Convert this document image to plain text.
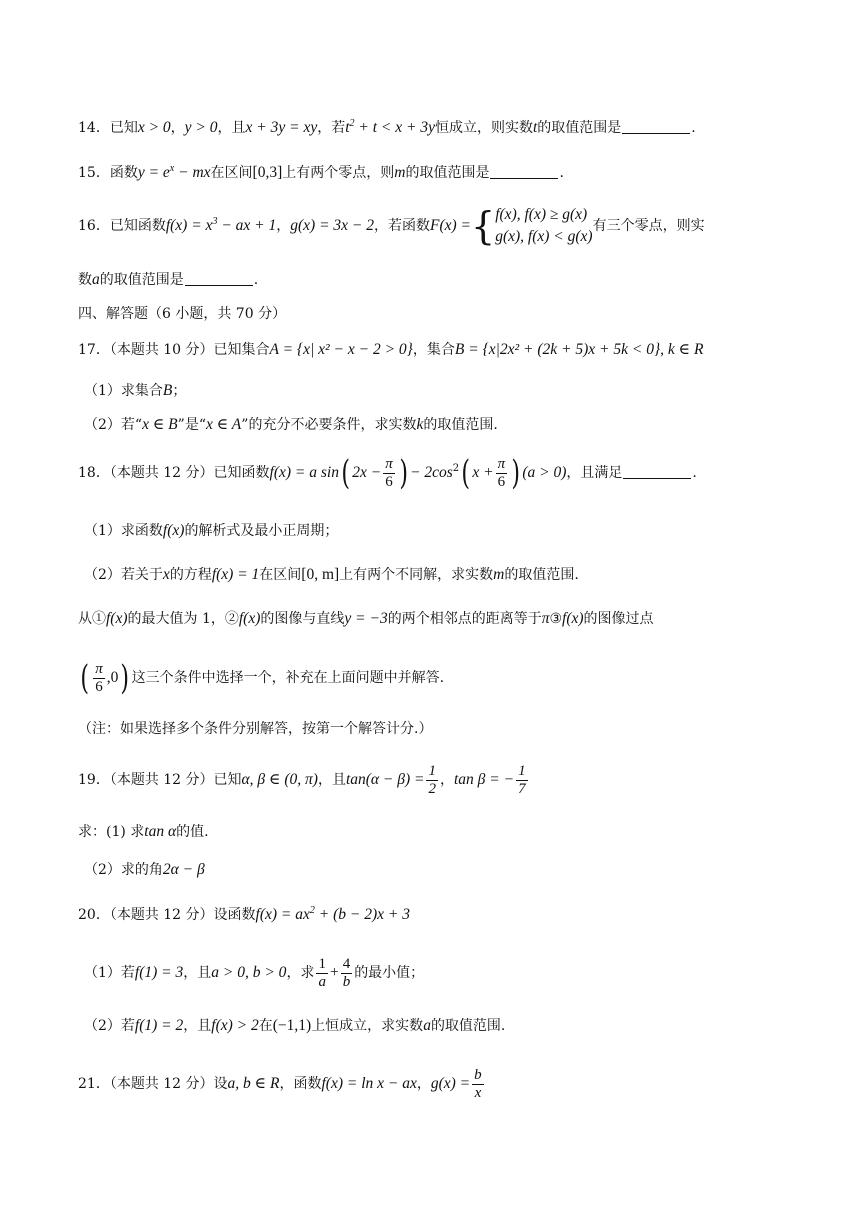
14．已知x > 0，y > 0，且x + 3y = xy，若$t^2 + t < x + 3y$恒成立，则实数t的取值范围是	.
15．函数$y = e^x$ − mx在区间[0,3]上有两个零点，则m的取值范围是	.
16．已知函数$f(x) = x^3$ − ax + 1，g(x) = 3x − 2，若函数F(x) ={ f(x), f(x) ≥ g(x)
g(x), f(x) < g(x)
有三个零点，则实
数a的取值范围是	.
四、解答题（6 小题，共 70 分）
17．（本题共 10 分）已知集合A = {x| x² − x − 2 > 0}，集合B = {x|2x² + (2k + 5)x + 5k < 0}, k ∈ R
（1）求集合B；
（2）若“x ∈ B”是“x ∈ A”的充分不必要条件，求实数k的取值范围.
18．（本题共 12 分）已知函数f(x) = a sin( $2x - \frac{\pi}{6}$ ) − $2\cos^2$( $x + \frac{\pi}{6}$ ) (a > 0)，且满足	.
（1）求函数f(x)的解析式及最小正周期；
（2）若关于x的方程f(x) = 1在区间[0, m]上有两个不同解，求实数m的取值范围.
从①f(x)的最大值为 1，②f(x)的图像与直线y = −3的两个相邻点的距离等于π③f(x)的图像过点
( $\frac{\pi}{6} ,0$) 这三个条件中选择一个，补充在上面问题中并解答.
（注：如果选择多个条件分别解答，按第一个解答计分.）
19．（本题共 12 分）已知α, β ∈ (0, π)，且$\tan(\alpha - \beta) = \frac{1}{2}$ ，tan β = − $\frac{1}{7}$
求：(1) 求tan α的值.
（2）求的角2α − β
20．（本题共 12 分）设函数$f(x) = ax^2 + (b - 2)x + 3$
（1）若f(1) = 3，且a > 0, b > 0，求 $\frac{1}{a} + \frac{4}{b}$ 的最小值；
（2）若f(1) = 2，且f(x) > 2在(−1,1)上恒成立，求实数a的取值范围.
21．（本题共 12 分）设a, b ∈ R，函数f(x) = ln x − ax，$g(x) = \frac{b}{x}$
